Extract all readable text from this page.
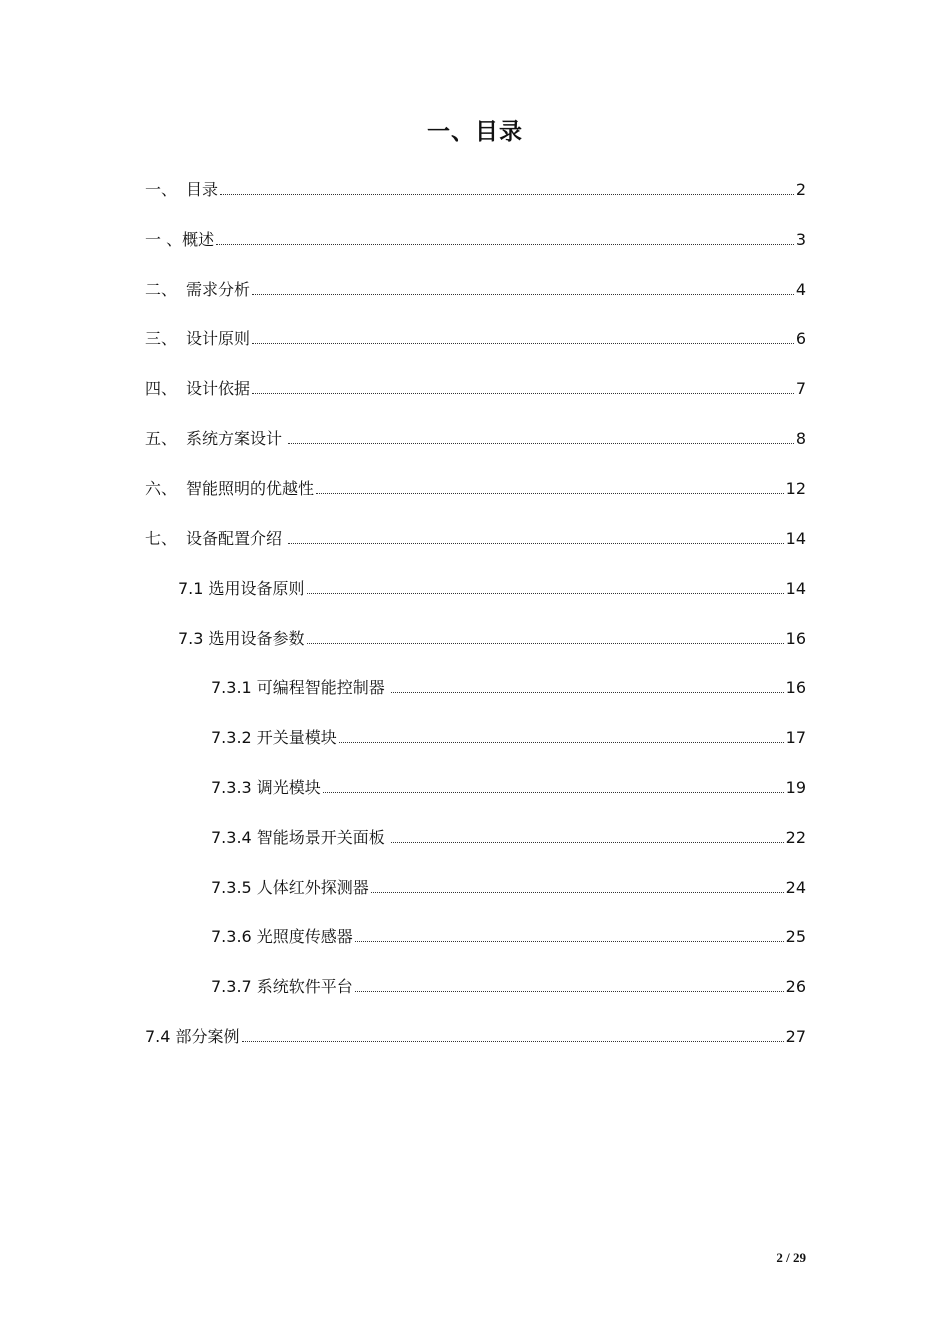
一、目录
一、 目录	2
一 、概述	3
二、 需求分析	4
三、 设计原则	6
四、 设计依据	7
五、 系统方案设计	8
六、 智能照明的优越性	12
七、 设备配置介绍	14
7.1 选用设备原则	14
7.3 选用设备参数	16
7.3.1 可编程智能控制器	16
7.3.2 开关量模块	17
7.3.3 调光模块	19
7.3.4 智能场景开关面板	22
7.3.5 人体红外探测器	24
7.3.6 光照度传感器	25
7.3.7 系统软件平台	26
7.4 部分案例	27
2 / 29
